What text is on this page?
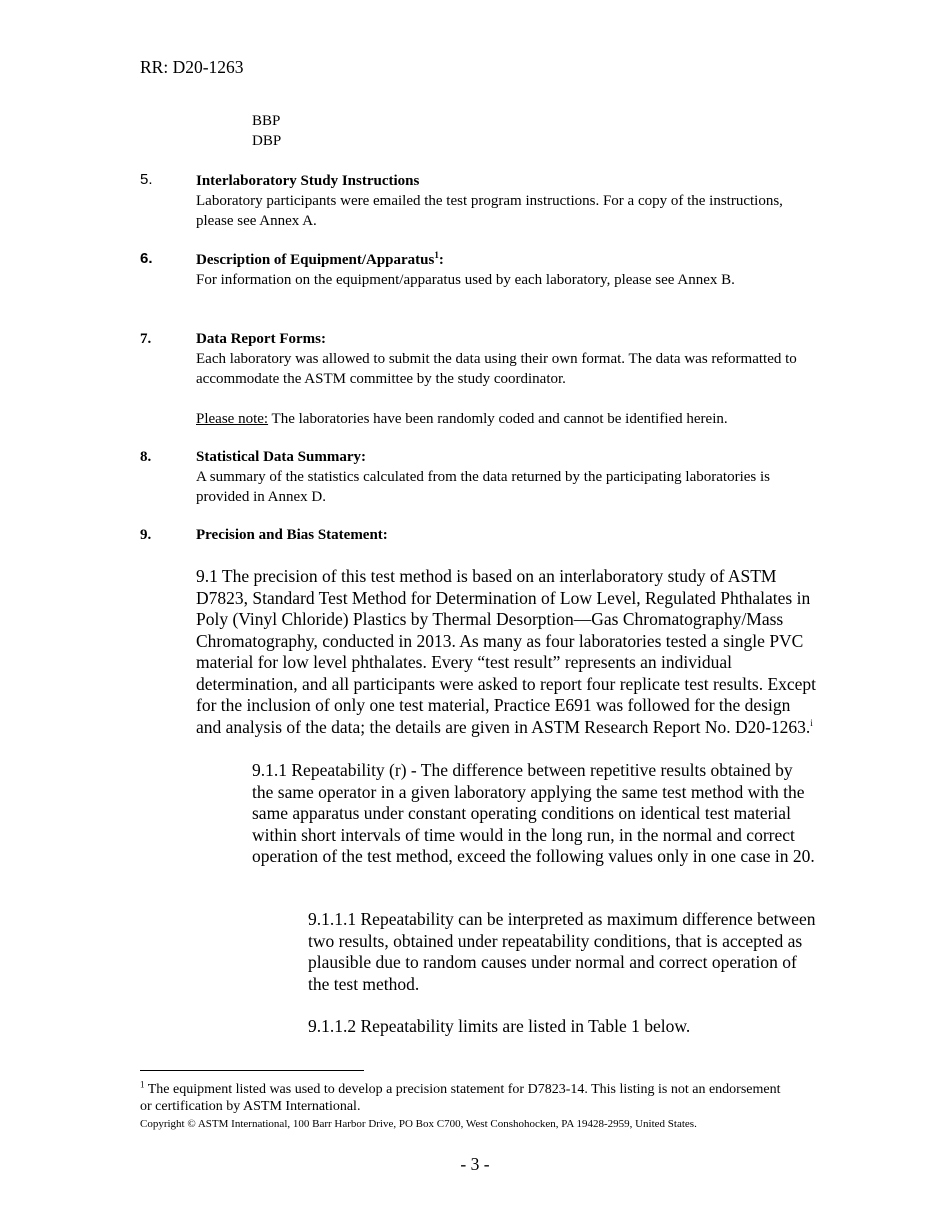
RR: D20-1263
BBP
DBP
5.	Interlaboratory Study Instructions
Laboratory participants were emailed the test program instructions. For a copy of the instructions, please see Annex A.
6.	Description of Equipment/Apparatus$^1$:
For information on the equipment/apparatus used by each laboratory, please see Annex B.
7.	Data Report Forms:
Each laboratory was allowed to submit the data using their own format. The data was reformatted to accommodate the ASTM committee by the study coordinator.
Please note: The laboratories have been randomly coded and cannot be identified herein.
8.	Statistical Data Summary:
A summary of the statistics calculated from the data returned by the participating laboratories is provided in Annex D.
9.	Precision and Bias Statement:
9.1 The precision of this test method is based on an interlaboratory study of ASTM D7823, Standard Test Method for Determination of Low Level, Regulated Phthalates in Poly (Vinyl Chloride) Plastics by Thermal Desorption—Gas Chromatography/Mass Chromatography, conducted in 2013. As many as four laboratories tested a single PVC material for low level phthalates. Every “test result” represents an individual determination, and all participants were asked to report four replicate test results. Except for the inclusion of only one test material, Practice E691 was followed for the design and analysis of the data; the details are given in ASTM Research Report No. D20-1263.$^i$
9.1.1 Repeatability (r) - The difference between repetitive results obtained by the same operator in a given laboratory applying the same test method with the same apparatus under constant operating conditions on identical test material within short intervals of time would in the long run, in the normal and correct operation of the test method, exceed the following values only in one case in 20.
9.1.1.1 Repeatability can be interpreted as maximum difference between two results, obtained under repeatability conditions, that is accepted as plausible due to random causes under normal and correct operation of the test method.
9.1.1.2 Repeatability limits are listed in Table 1 below.
$^1$ The equipment listed was used to develop a precision statement for D7823-14. This listing is not an endorsement or certification by ASTM International.
Copyright © ASTM International, 100 Barr Harbor Drive, PO Box C700, West Conshohocken, PA 19428-2959, United States.
- 3 -
